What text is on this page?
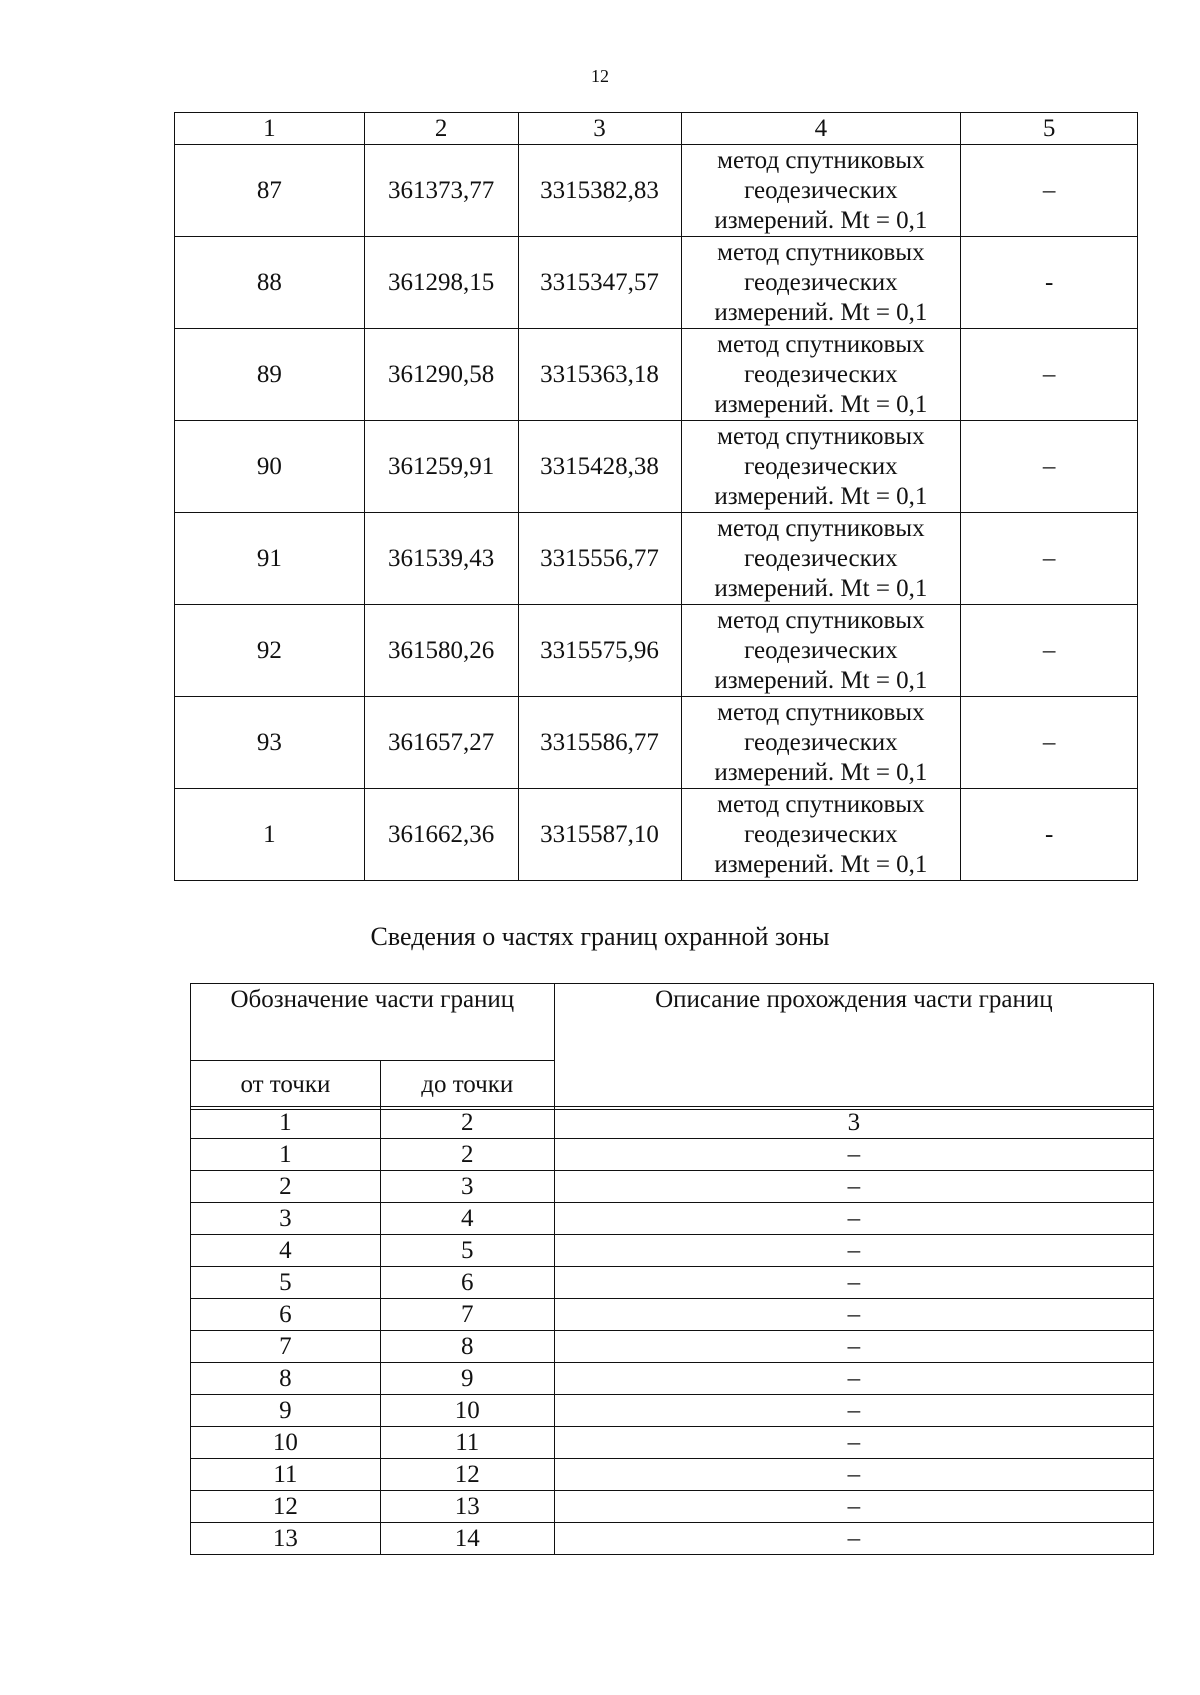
12
1	2	3	4	5
87	361373,77	3315382,83	метод спутниковых геодезических измерений. Mt = 0,1	–
88	361298,15	3315347,57	метод спутниковых геодезических измерений. Mt = 0,1	-
89	361290,58	3315363,18	метод спутниковых геодезических измерений. Mt = 0,1	–
90	361259,91	3315428,38	метод спутниковых геодезических измерений. Mt = 0,1	–
91	361539,43	3315556,77	метод спутниковых геодезических измерений. Mt = 0,1	–
92	361580,26	3315575,96	метод спутниковых геодезических измерений. Mt = 0,1	–
93	361657,27	3315586,77	метод спутниковых геодезических измерений. Mt = 0,1	–
1	361662,36	3315587,10	метод спутниковых геодезических измерений. Mt = 0,1	-
Сведения о частях границ охранной зоны
Обозначение части границ		Описание прохождения части границ
от точки	до точки	
1	2	3
1	2	–
2	3	–
3	4	–
4	5	–
5	6	–
6	7	–
7	8	–
8	9	–
9	10	–
10	11	–
11	12	–
12	13	–
13	14	–
